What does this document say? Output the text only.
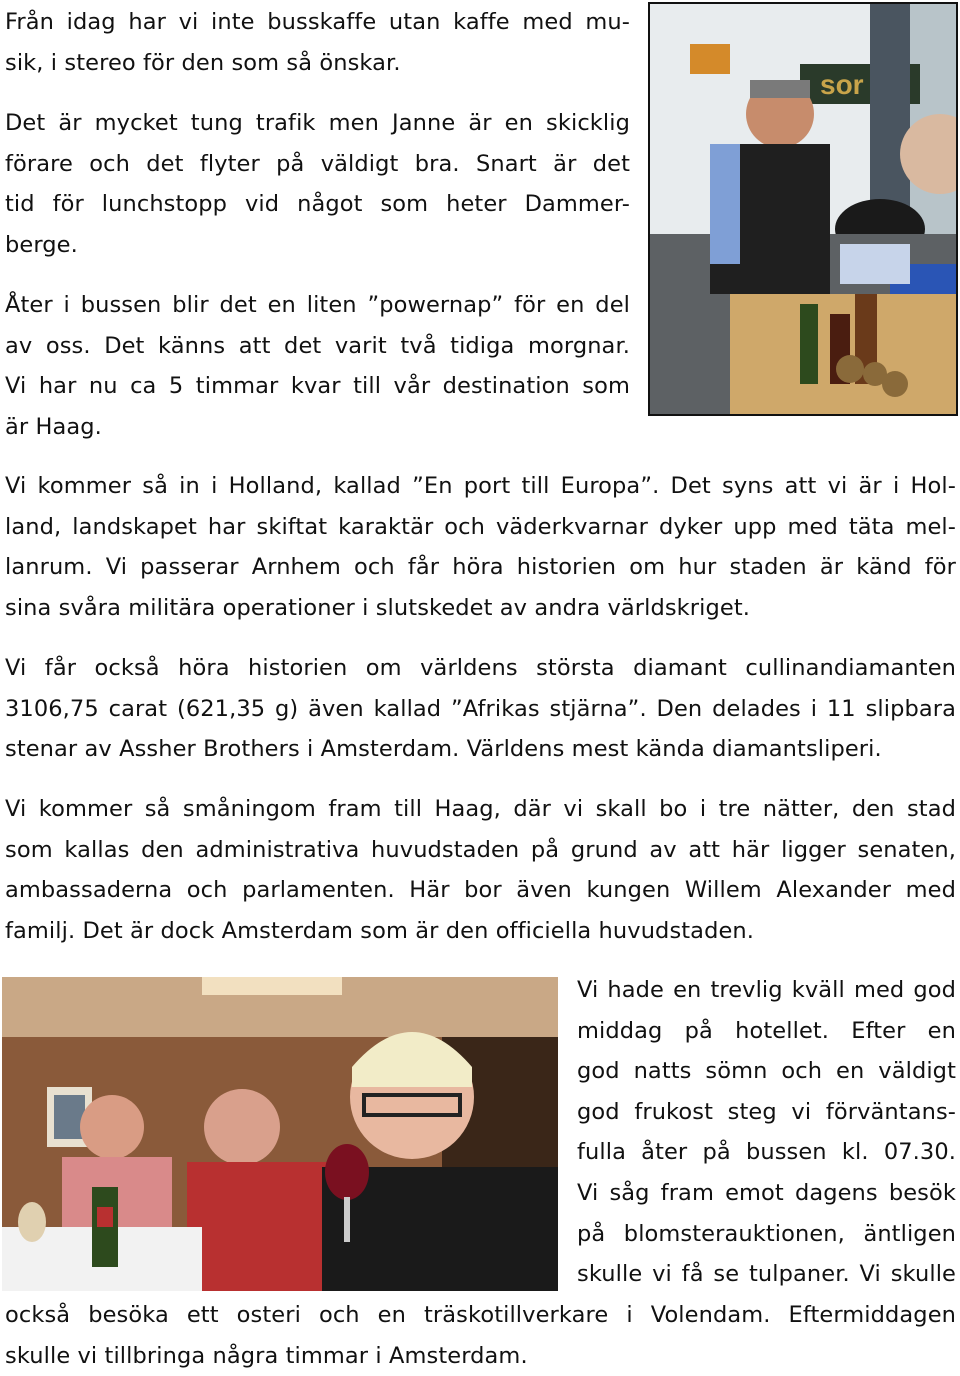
Från idag har vi inte busskaffe utan kaffe med mu-
sik, i stereo för den som så önskar.
Det är mycket tung trafik men Janne är en skicklig
förare och det flyter på väldigt bra. Snart är det
tid för lunchstopp vid något som heter Dammer-
berge.
Åter i bussen blir det en liten ”powernap” för en del
av oss. Det känns att det varit två tidiga morgnar.
Vi har nu ca 5 timmar kvar till vår destination som
är Haag.
sor
Vi kommer så in i Holland, kallad ”En port till Europa”. Det syns att vi är i Hol-
land, landskapet har skiftat karaktär och väderkvarnar dyker upp med täta mel-
lanrum. Vi passerar Arnhem och får höra historien om hur staden är känd för
sina svåra militära operationer i slutskedet av andra världskriget.
Vi får också höra historien om världens största diamant cullinandiamanten
3106,75 carat (621,35 g) även kallad ”Afrikas stjärna”. Den delades i 11 slipbara
stenar av Assher Brothers i Amsterdam. Världens mest kända diamantsliperi.
Vi kommer så småningom fram till Haag, där vi skall bo i tre nätter, den stad
som kallas den administrativa huvudstaden på grund av att här ligger senaten,
ambassaderna och parlamenten. Här bor även kungen Willem Alexander med
familj. Det är dock Amsterdam som är den officiella huvudstaden.
Vi hade en trevlig kväll med god
middag på hotellet. Efter en
god natts sömn och en väldigt
god frukost steg vi förväntans-
fulla åter på bussen kl. 07.30.
Vi såg fram emot dagens besök
på blomsterauktionen, äntligen
skulle vi få se tulpaner. Vi skulle
också besöka ett osteri och en träskotillverkare i Volendam. Eftermiddagen
skulle vi tillbringa några timmar i Amsterdam.
